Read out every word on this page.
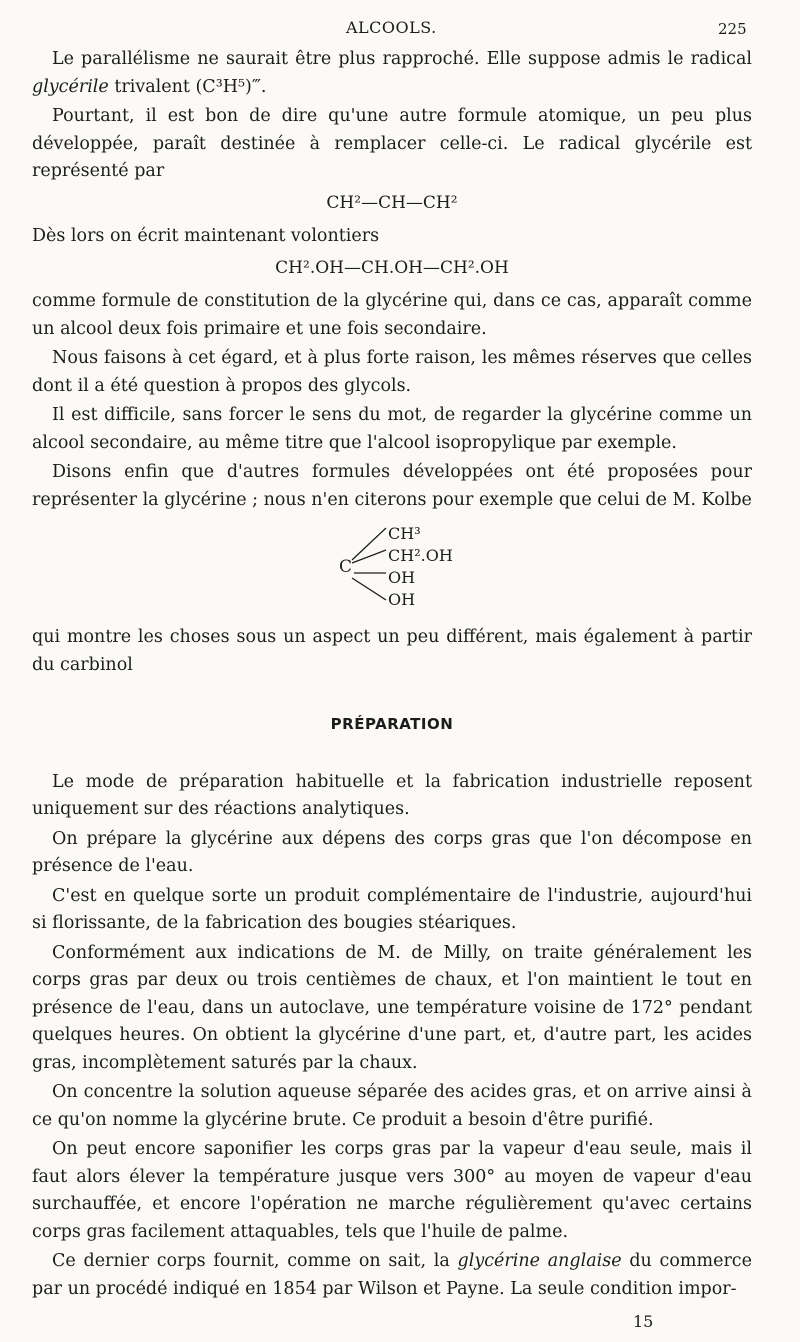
ALCOOLS.	225

Le parallélisme ne saurait être plus rapproché. Elle suppose admis le radical glycérile trivalent (C³H⁵)‴.

Pourtant, il est bon de dire qu'une autre formule atomique, un peu plus développée, paraît destinée à remplacer celle-ci. Le radical glycérile est représenté par

CH²—CH—CH²

Dès lors on écrit maintenant volontiers

CH².OH—CH.OH—CH².OH

comme formule de constitution de la glycérine qui, dans ce cas, apparaît comme un alcool deux fois primaire et une fois secondaire.

Nous faisons à cet égard, et à plus forte raison, les mêmes réserves que celles dont il a été question à propos des glycols.

Il est difficile, sans forcer le sens du mot, de regarder la glycérine comme un alcool secondaire, au même titre que l'alcool isopropylique par exemple.

Disons enfin que d'autres formules développées ont été proposées pour représenter la glycérine ; nous n'en citerons pour exemple que celui de M. Kolbe

C
CH³
CH².OH
OH
OH

qui montre les choses sous un aspect un peu différent, mais également à partir du carbinol

PRÉPARATION

Le mode de préparation habituelle et la fabrication industrielle reposent uniquement sur des réactions analytiques.

On prépare la glycérine aux dépens des corps gras que l'on décompose en présence de l'eau.

C'est en quelque sorte un produit complémentaire de l'industrie, aujourd'hui si florissante, de la fabrication des bougies stéariques.

Conformément aux indications de M. de Milly, on traite généralement les corps gras par deux ou trois centièmes de chaux, et l'on maintient le tout en présence de l'eau, dans un autoclave, une température voisine de 172° pendant quelques heures. On obtient la glycérine d'une part, et, d'autre part, les acides gras, incomplètement saturés par la chaux.

On concentre la solution aqueuse séparée des acides gras, et on arrive ainsi à ce qu'on nomme la glycérine brute. Ce produit a besoin d'être purifié.

On peut encore saponifier les corps gras par la vapeur d'eau seule, mais il faut alors élever la température jusque vers 300° au moyen de vapeur d'eau surchauffée, et encore l'opération ne marche régulièrement qu'avec certains corps gras facilement attaquables, tels que l'huile de palme.

Ce dernier corps fournit, comme on sait, la glycérine anglaise du commerce par un procédé indiqué en 1854 par Wilson et Payne. La seule condition impor-

15
